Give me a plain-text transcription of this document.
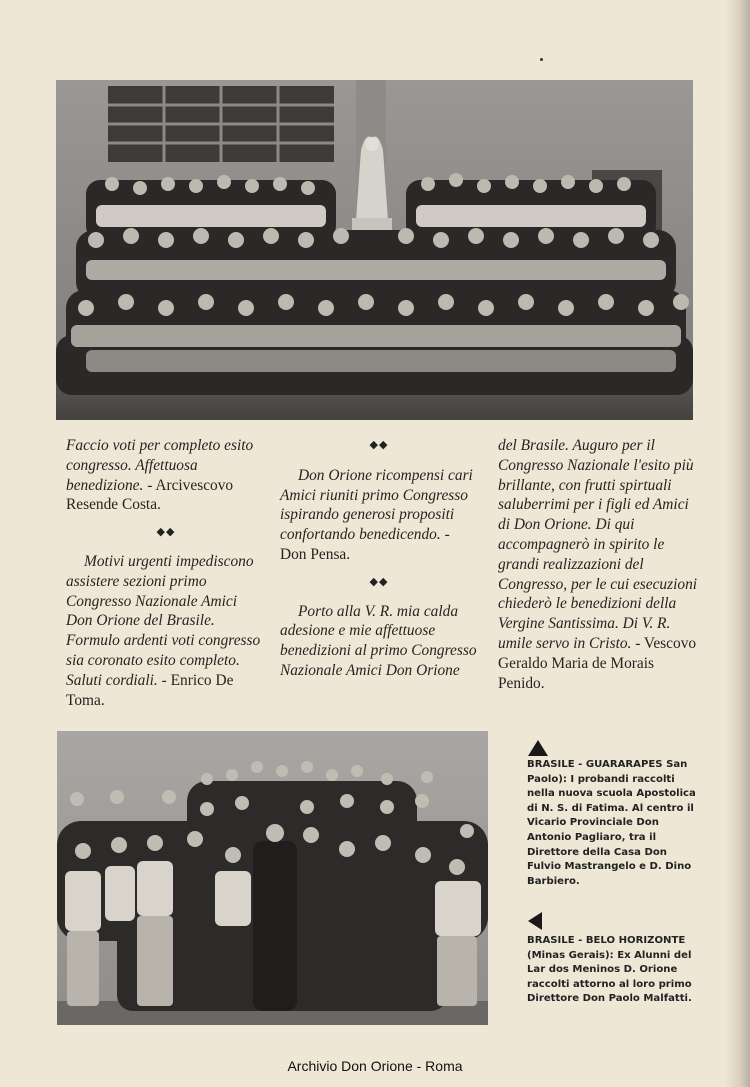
Faccio voti per completo esito congresso. Affettuosa benedizione. - Arcivescovo Resende Costa.

◆◆

Motivi urgenti impediscono assistere sezioni primo Congresso Nazionale Amici Don Orione del Brasile. Formulo ardenti voti congresso sia coronato esito completo. Saluti cordiali. - Enrico De Toma.

◆◆

Don Orione ricompensi cari Amici riuniti primo Congresso ispirando generosi propositi confortando benedicendo. - Don Pensa.

◆◆

Porto alla V. R. mia calda adesione e mie affettuose benedizioni al primo Congresso Nazionale Amici Don Orione

del Brasile. Auguro per il Congresso Nazionale l'esito più brillante, con frutti spirtuali saluberrimi per i figli ed Amici di Don Orione. Di qui accompagnerò in spirito le grandi realizzazioni del Congresso, per le cui esecuzioni chiederò le benedizioni della Vergine Santissima. Di V. R. umile servo in Cristo. - Vescovo Geraldo Maria de Morais Penido.

BRASILE - GUARARAPES San Paolo): I probandi raccolti nella nuova scuola Apostolica di N. S. di Fatima. Al centro il Vicario Provinciale Don Antonio Pagliaro, tra il Direttore della Casa Don Fulvio Mastrangelo e D. Dino Barbiero.
BRASILE - BELO HORIZONTE (Minas Gerais): Ex Alunni del Lar dos Meninos D. Orione raccolti attorno al loro primo Direttore Don Paolo Malfatti.
Archivio Don Orione - Roma
